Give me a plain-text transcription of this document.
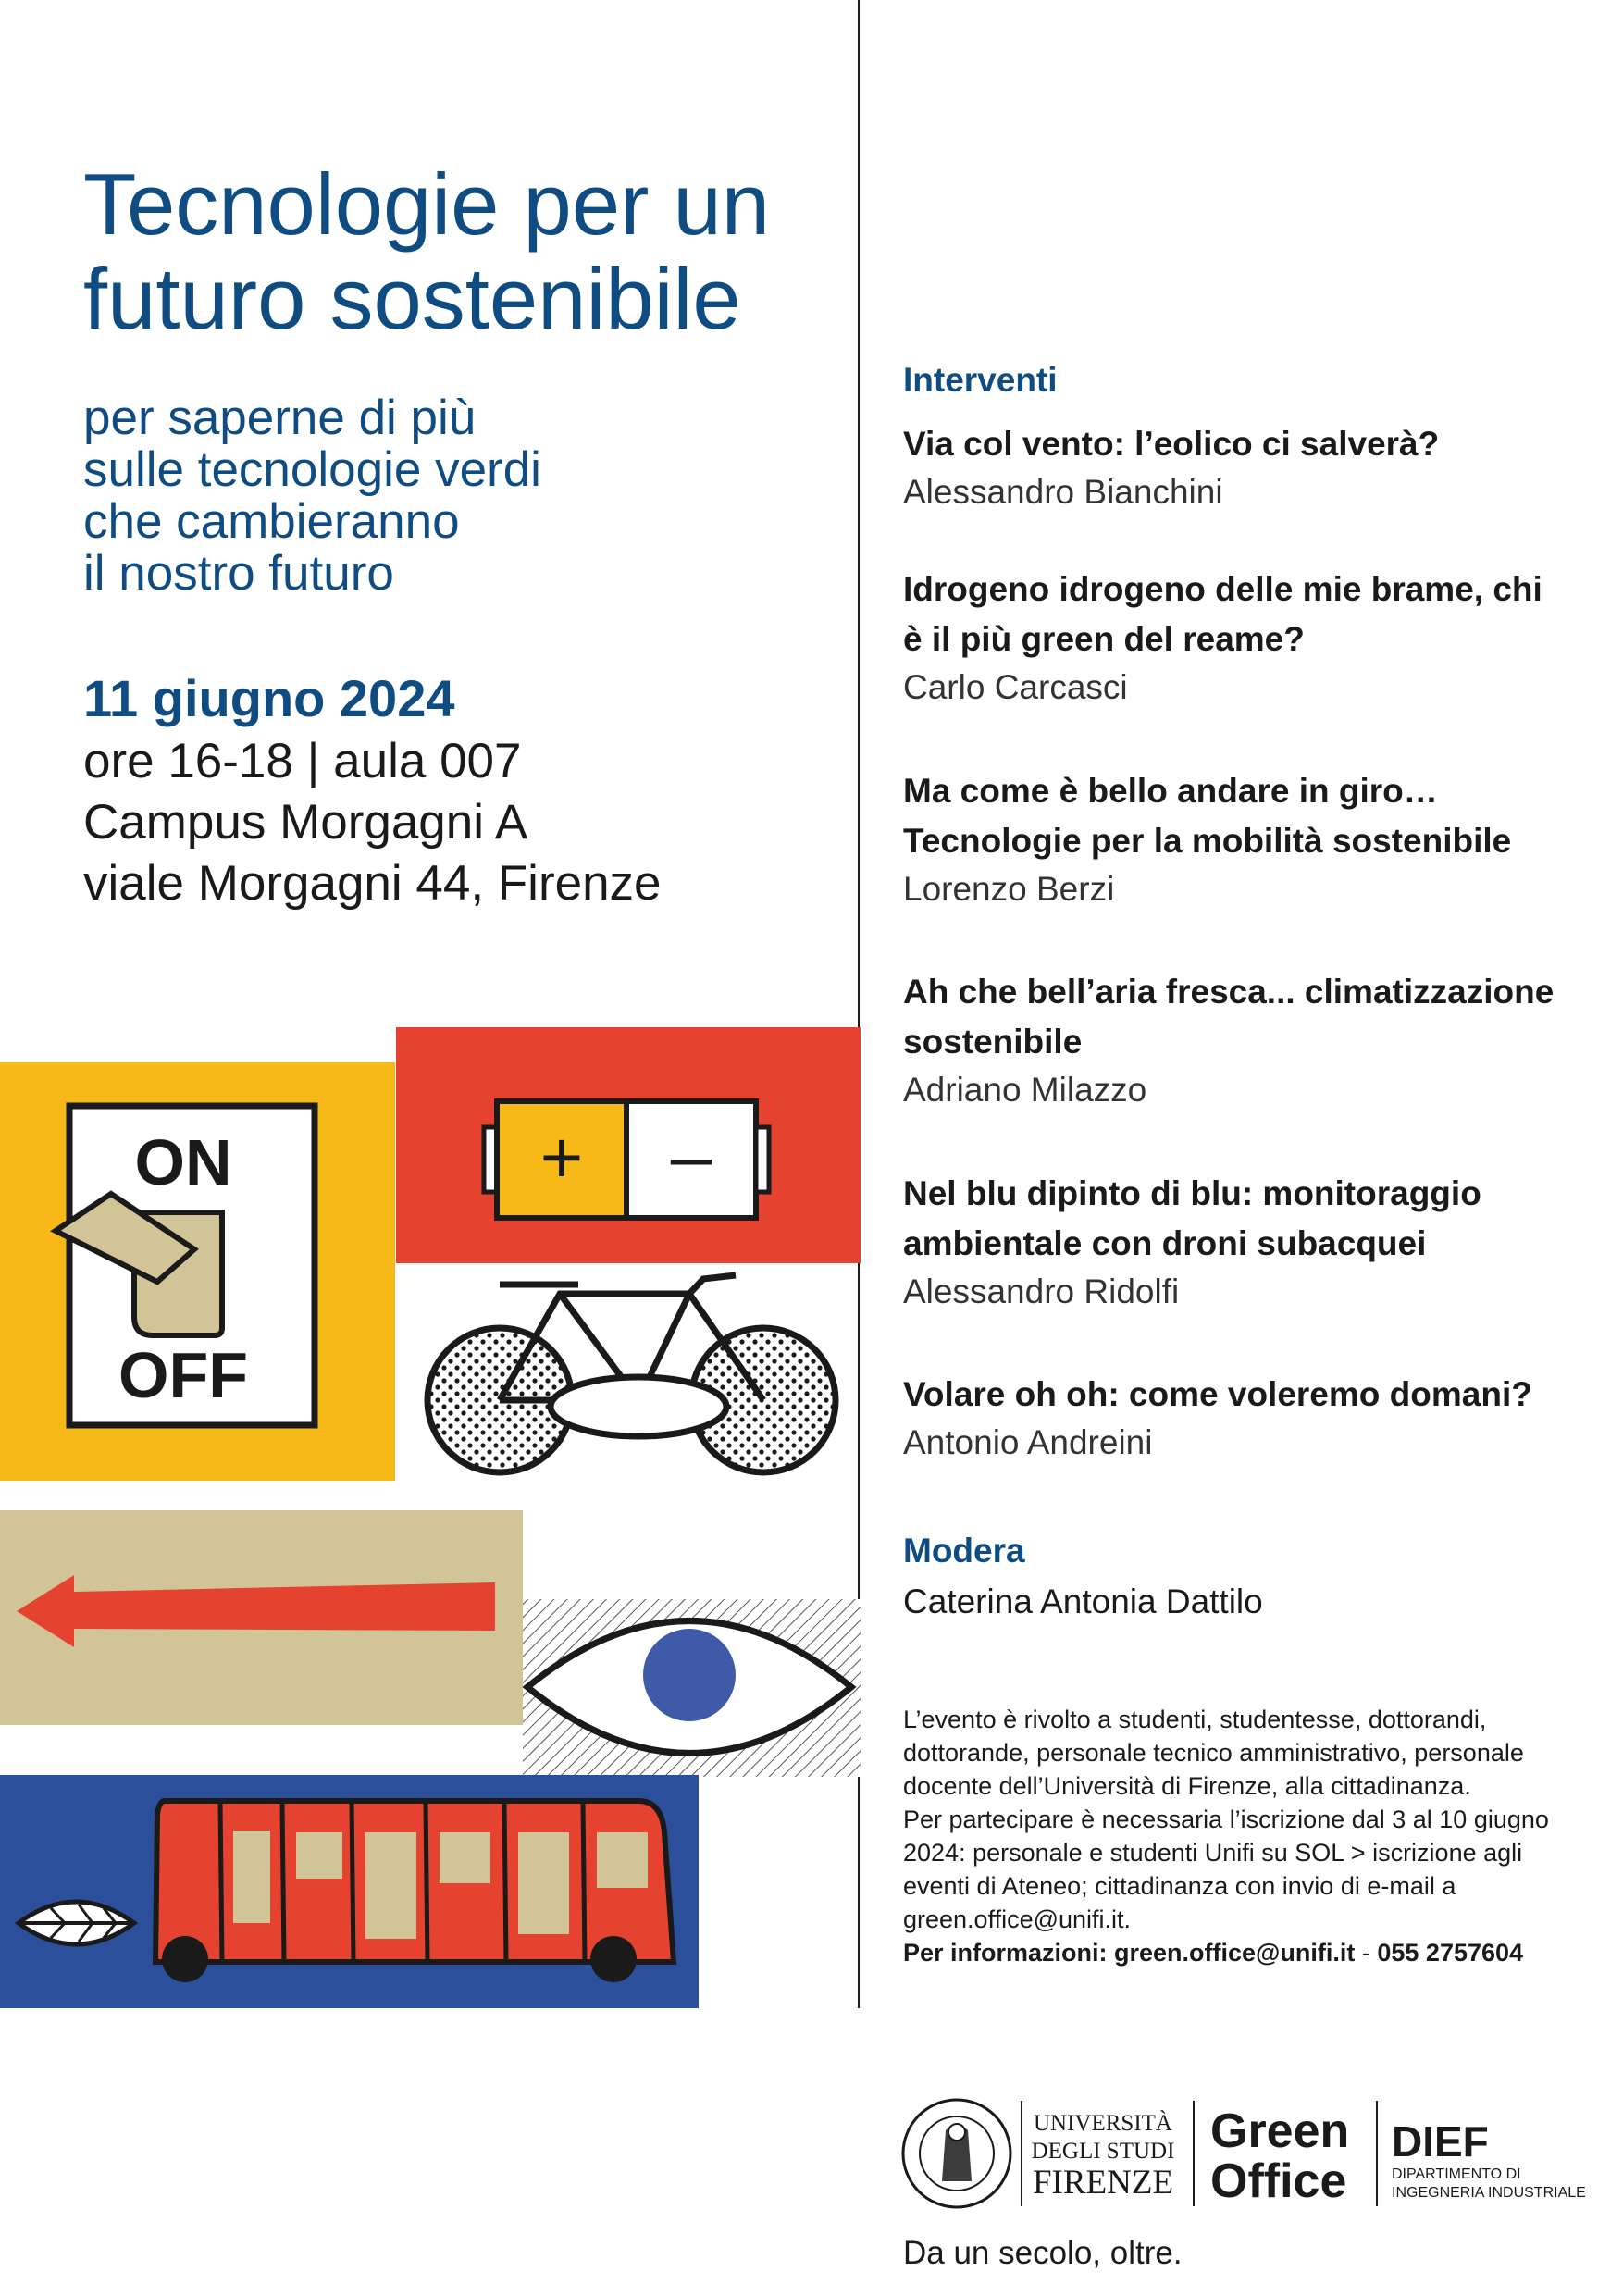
Tecnologie per un
futuro sostenibile
per saperne di più
sulle tecnologie verdi
che cambieranno
il nostro futuro
11 giugno 2024
ore 16-18 | aula 007
Campus Morgagni A
viale Morgagni 44, Firenze
ON
OFF
+ –
Interventi
Via col vento: l’eolico ci salverà?
Alessandro Bianchini
Idrogeno idrogeno delle mie brame, chi è il più green del reame?
Carlo Carcasci
Ma come è bello andare in giro… Tecnologie per la mobilità sostenibile
Lorenzo Berzi
Ah che bell’aria fresca... climatizzazione sostenibile
Adriano Milazzo
Nel blu dipinto di blu: monitoraggio ambientale con droni subacquei
Alessandro Ridolfi
Volare oh oh: come voleremo domani?
Antonio Andreini
Modera
Caterina Antonia Dattilo
L’evento è rivolto a studenti, studentesse, dottorandi, dottorande, personale tecnico amministrativo, personale docente dell’Università di Firenze, alla cittadinanza.
Per partecipare è necessaria l’iscrizione dal 3 al 10 giugno 2024: personale e studenti Unifi su SOL > iscrizione agli eventi di Ateneo; cittadinanza con invio di e-mail a green.office@unifi.it.
Per informazioni: green.office@unifi.it - 055 2757604
UNIVERSITÀ
DEGLI STUDI
FIRENZE
Green
Office
DIEF
DIPARTIMENTO DI
INGEGNERIA INDUSTRIALE
Da un secolo, oltre.
